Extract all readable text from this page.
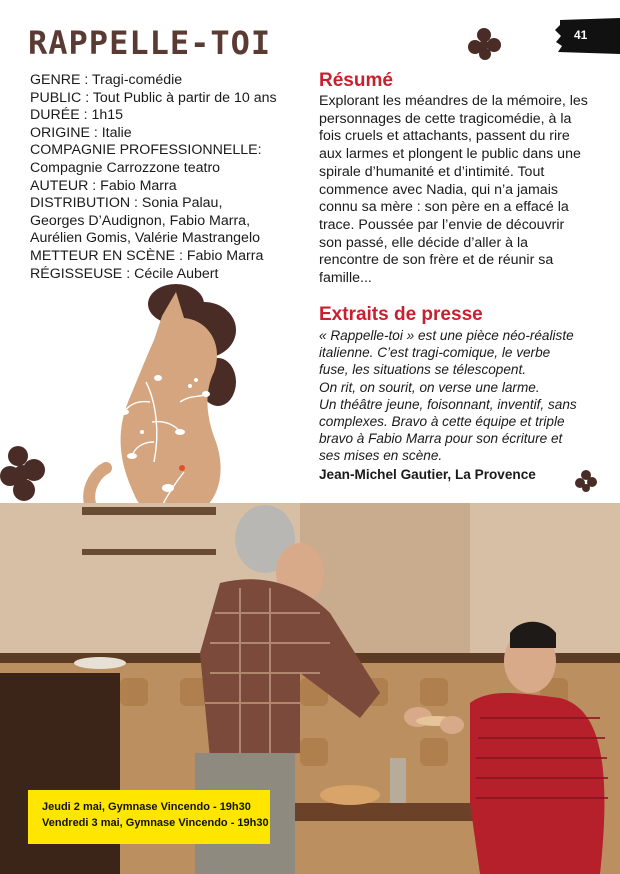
RAPPELLE-TOI	41
GENRE : Tragi-comédie
PUBLIC : Tout Public à partir de 10 ans
DURÉE : 1h15
ORIGINE : Italie
COMPAGNIE PROFESSIONNELLE:
Compagnie Carrozzone teatro
AUTEUR : Fabio Marra
DISTRIBUTION : Sonia Palau,
Georges D’Audignon, Fabio Marra,
Aurélien Gomis, Valérie Mastrangelo
METTEUR EN SCÈNE : Fabio Marra
RÉGISSEUSE : Cécile Aubert
Résumé
Explorant les méandres de la mémoire, les personnages de cette tragicomédie, à la fois cruels et attachants, passent du rire aux larmes et plongent le public dans une spirale d’humanité et d’intimité. Tout commence avec Nadia, qui n’a jamais connu sa mère : son père en a effacé la trace. Poussée par l’envie de découvrir son passé, elle décide d’aller à la rencontre de son frère et de réunir sa famille...
Extraits de presse
« Rappelle-toi » est une pièce néo-réaliste
italienne. C’est tragi-comique, le verbe
fuse, les situations se télescopent.
On rit, on sourit, on verse une larme.
Un théâtre jeune, foisonnant, inventif, sans
complexes. Bravo à cette équipe et triple
bravo à Fabio Marra pour son écriture et
ses mises en scène.
Jean-Michel Gautier, La Provence
Jeudi 2 mai, Gymnase Vincendo - 19h30
Vendredi 3 mai, Gymnase Vincendo - 19h30
